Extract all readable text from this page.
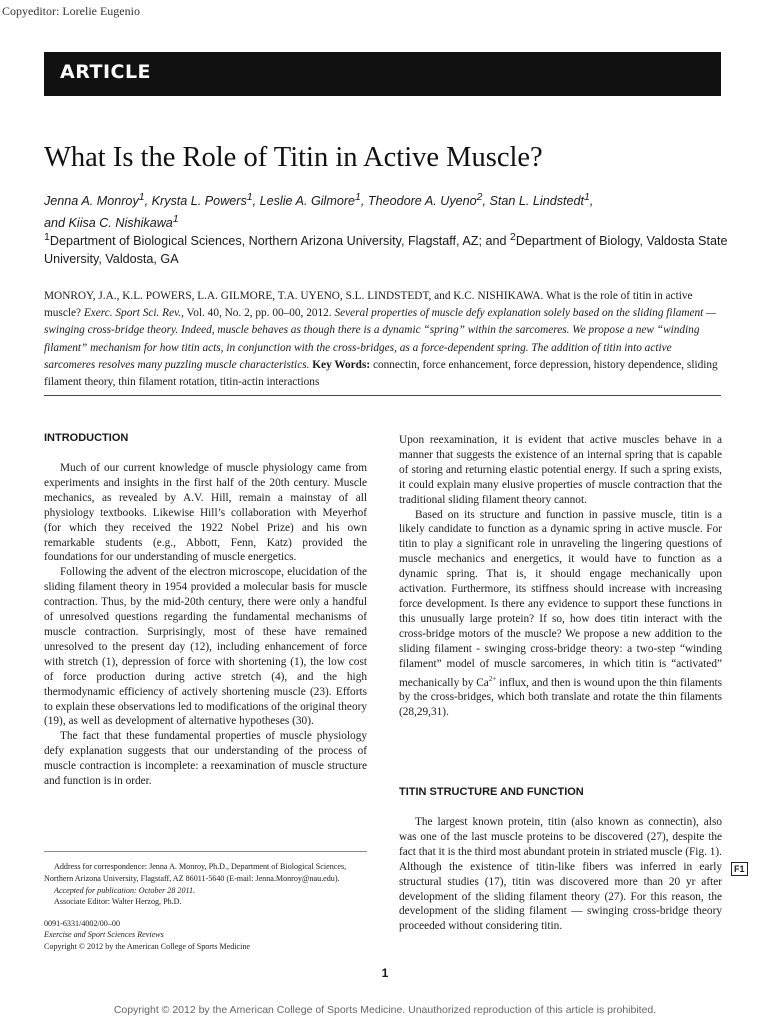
Copyeditor: Lorelie Eugenio
ARTICLE
What Is the Role of Titin in Active Muscle?
Jenna A. Monroy$^1$, Krysta L. Powers$^1$, Leslie A. Gilmore$^1$, Theodore A. Uyeno$^2$, Stan L. Lindstedt$^1$,
and Kiisa C. Nishikawa$^1$
$^1$Department of Biological Sciences, Northern Arizona University, Flagstaff, AZ; and $^2$Department of Biology, Valdosta State University, Valdosta, GA
MONROY, J.A., K.L. POWERS, L.A. GILMORE, T.A. UYENO, S.L. LINDSTEDT, and K.C. NISHIKAWA. What is the role of titin in active muscle? Exerc. Sport Sci. Rev., Vol. 40, No. 2, pp. 00–00, 2012. Several properties of muscle defy explanation solely based on the sliding filament — swinging cross-bridge theory. Indeed, muscle behaves as though there is a dynamic “spring” within the sarcomeres. We propose a new “winding filament” mechanism for how titin acts, in conjunction with the cross-bridges, as a force-dependent spring. The addition of titin into active sarcomeres resolves many puzzling muscle characteristics. Key Words: connectin, force enhancement, force depression, history dependence, sliding filament theory, thin filament rotation, titin-actin interactions
INTRODUCTION

Much of our current knowledge of muscle physiology came from experiments and insights in the first half of the 20th century. Muscle mechanics, as revealed by A.V. Hill, remain a mainstay of all physiology textbooks. Likewise Hill’s collaboration with Meyerhof (for which they received the 1922 Nobel Prize) and his own remarkable students (e.g., Abbott, Fenn, Katz) provided the foundations for our understanding of muscle energetics.

Following the advent of the electron microscope, elucidation of the sliding filament theory in 1954 provided a molecular basis for muscle contraction. Thus, by the mid-20th century, there were only a handful of unresolved questions regarding the fundamental mechanisms of muscle contraction. Surprisingly, most of these have remained unresolved to the present day (12), including enhancement of force with stretch (1), depression of force with shortening (1), the low cost of force production during active stretch (4), and the high thermodynamic efficiency of actively shortening muscle (23). Efforts to explain these observations led to modifications of the original theory (19), as well as development of alternative hypotheses (30).

The fact that these fundamental properties of muscle physiology defy explanation suggests that our understanding of the process of muscle contraction is incomplete: a reexamination of muscle structure and function is in order.

Address for correspondence: Jenna A. Monroy, Ph.D., Department of Biological Sciences, Northern Arizona University, Flagstaff, AZ 86011-5640 (E-mail: Jenna.Monroy@nau.edu).
Accepted for publication: October 28 2011.
Associate Editor: Walter Herzog, Ph.D.
0091-6331/4002/00–00
Exercise and Sport Sciences Reviews
Copyright © 2012 by the American College of Sports Medicine

Upon reexamination, it is evident that active muscles behave in a manner that suggests the existence of an internal spring that is capable of storing and returning elastic potential energy. If such a spring exists, it could explain many elusive properties of muscle contraction that the traditional sliding filament theory cannot.

Based on its structure and function in passive muscle, titin is a likely candidate to function as a dynamic spring in active muscle. For titin to play a significant role in unraveling the lingering questions of muscle mechanics and energetics, it would have to function as a dynamic spring. That is, it should engage mechanically upon activation. Furthermore, its stiffness should increase with increasing force development. Is there any evidence to support these functions in this unusually large protein? If so, how does titin interact with the cross-bridge motors of the muscle? We propose a new addition to the sliding filament - swinging cross-bridge theory: a two-step “winding filament” model of muscle sarcomeres, in which titin is “activated” mechanically by $Ca^{2+}$ influx, and then is wound upon the thin filaments by the cross-bridges, which both translate and rotate the thin filaments (28,29,31).

TITIN STRUCTURE AND FUNCTION

The largest known protein, titin (also known as connectin), also was one of the last muscle proteins to be discovered (27), despite the fact that it is the third most abundant protein in striated muscle (Fig. 1). Although the existence of titin-like fibers was inferred in early structural studies (17), titin was discovered more than 20 yr after development of the sliding filament theory (27). For this reason, the development of the sliding filament — swinging cross-bridge theory proceeded without considering titin.

F1
1
Copyright © 2012 by the American College of Sports Medicine. Unauthorized reproduction of this article is prohibited.
